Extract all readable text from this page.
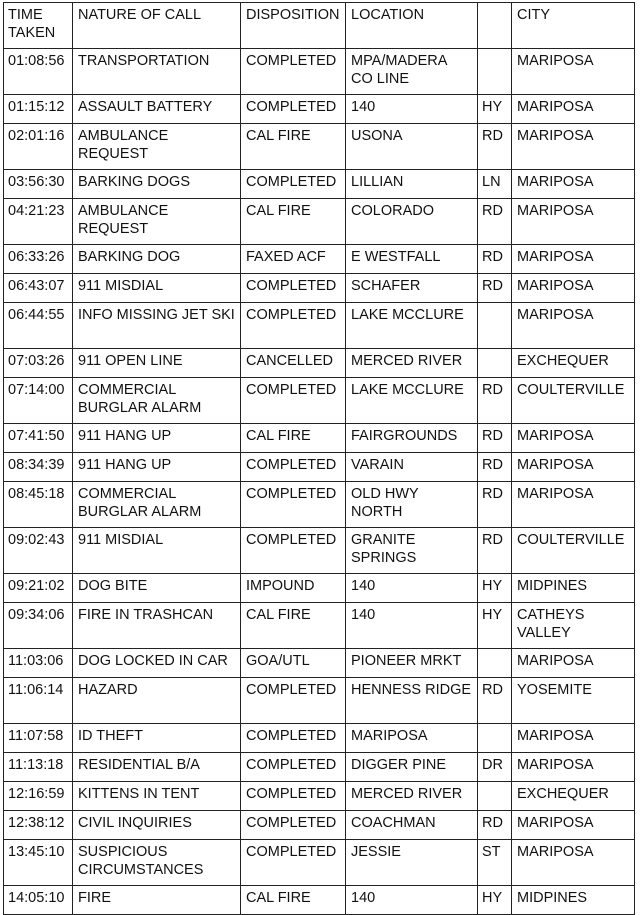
TIME TAKEN	NATURE OF CALL	DISPOSITION	LOCATION		CITY
01:08:56	TRANSPORTATION	COMPLETED	MPA/MADERA CO LINE		MARIPOSA
01:15:12	ASSAULT BATTERY	COMPLETED	140	HY	MARIPOSA
02:01:16	AMBULANCE REQUEST	CAL FIRE	USONA	RD	MARIPOSA
03:56:30	BARKING DOGS	COMPLETED	LILLIAN	LN	MARIPOSA
04:21:23	AMBULANCE REQUEST	CAL FIRE	COLORADO	RD	MARIPOSA
06:33:26	BARKING DOG	FAXED ACF	E WESTFALL	RD	MARIPOSA
06:43:07	911 MISDIAL	COMPLETED	SCHAFER	RD	MARIPOSA
06:44:55	INFO MISSING JET SKI	COMPLETED	LAKE MCCLURE		MARIPOSA
07:03:26	911 OPEN LINE	CANCELLED	MERCED RIVER		EXCHEQUER
07:14:00	COMMERCIAL BURGLAR ALARM	COMPLETED	LAKE MCCLURE	RD	COULTERVILLE
07:41:50	911 HANG UP	CAL FIRE	FAIRGROUNDS	RD	MARIPOSA
08:34:39	911 HANG UP	COMPLETED	VARAIN	RD	MARIPOSA
08:45:18	COMMERCIAL BURGLAR ALARM	COMPLETED	OLD HWY NORTH	RD	MARIPOSA
09:02:43	911 MISDIAL	COMPLETED	GRANITE SPRINGS	RD	COULTERVILLE
09:21:02	DOG BITE	IMPOUND	140	HY	MIDPINES
09:34:06	FIRE IN TRASHCAN	CAL FIRE	140	HY	CATHEYS VALLEY
11:03:06	DOG LOCKED IN CAR	GOA/UTL	PIONEER MRKT		MARIPOSA
11:06:14	HAZARD	COMPLETED	HENNESS RIDGE	RD	YOSEMITE
11:07:58	ID THEFT	COMPLETED	MARIPOSA		MARIPOSA
11:13:18	RESIDENTIAL B/A	COMPLETED	DIGGER PINE	DR	MARIPOSA
12:16:59	KITTENS IN TENT	COMPLETED	MERCED RIVER		EXCHEQUER
12:38:12	CIVIL INQUIRIES	COMPLETED	COACHMAN	RD	MARIPOSA
13:45:10	SUSPICIOUS CIRCUMSTANCES	COMPLETED	JESSIE	ST	MARIPOSA
14:05:10	FIRE	CAL FIRE	140	HY	MIDPINES
